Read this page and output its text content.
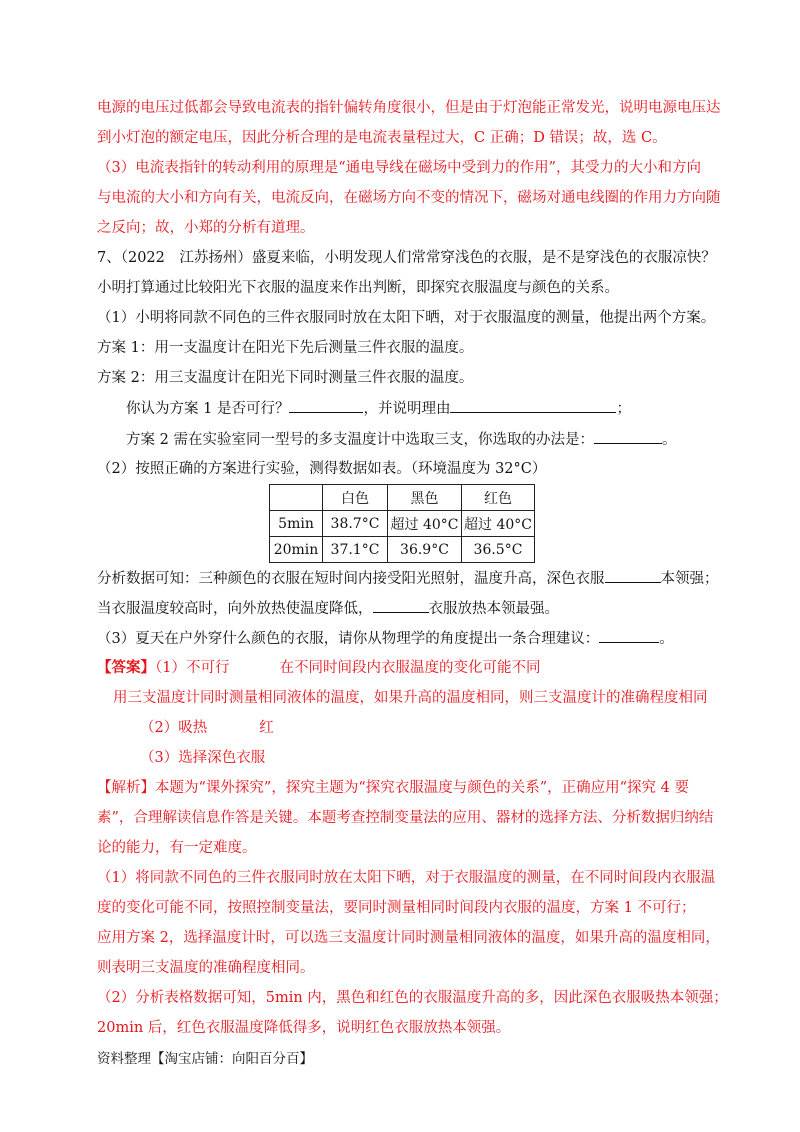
电源的电压过低都会导致电流表的指针偏转角度很小，但是由于灯泡能正常发光，说明电源电压达
到小灯泡的额定电压，因此分析合理的是电流表量程过大，C 正确；D 错误；故，选 C。
（3）电流表指针的转动利用的原理是“通电导线在磁场中受到力的作用”，其受力的大小和方向
与电流的大小和方向有关，电流反向，在磁场方向不变的情况下，磁场对通电线圈的作用力方向随
之反向；故，小郑的分析有道理。
7、（2022　江苏扬州）盛夏来临，小明发现人们常常穿浅色的衣服，是不是穿浅色的衣服凉快？
小明打算通过比较阳光下衣服的温度来作出判断，即探究衣服温度与颜色的关系。
（1）小明将同款不同色的三件衣服同时放在太阳下晒，对于衣服温度的测量，他提出两个方案。
方案 1：用一支温度计在阳光下先后测量三件衣服的温度。
方案 2：用三支温度计在阳光下同时测量三件衣服的温度。
你认为方案 1 是否可行？	，并说明理由	；
方案 2 需在实验室同一型号的多支温度计中选取三支，你选取的办法是：	。
（2）按照正确的方案进行实验，测得数据如表。（环境温度为 32°C）
	白色	黑色	红色
5min	38.7°C	超过 40°C	超过 40°C
20min	37.1°C	36.9°C	36.5°C
分析数据可知：三种颜色的衣服在短时间内接受阳光照射，温度升高，深色衣服	本领强；
当衣服温度较高时，向外放热使温度降低，	衣服放热本领最强。
（3）夏天在户外穿什么颜色的衣服，请你从物理学的角度提出一条合理建议：	。
【答案】（1）不可行	在不同时间段内衣服温度的变化可能不同
用三支温度计同时测量相同液体的温度，如果升高的温度相同，则三支温度计的准确程度相同
（2）吸热	红
（3）选择深色衣服
【解析】本题为“课外探究”，探究主题为“探究衣服温度与颜色的关系”，正确应用“探究 4 要
素”，合理解读信息作答是关键。本题考查控制变量法的应用、器材的选择方法、分析数据归纳结
论的能力，有一定难度。
（1）将同款不同色的三件衣服同时放在太阳下晒，对于衣服温度的测量，在不同时间段内衣服温
度的变化可能不同，按照控制变量法，要同时测量相同时间段内衣服的温度，方案 1 不可行；
应用方案 2，选择温度计时，可以选三支温度计同时测量相同液体的温度，如果升高的温度相同，
则表明三支温度的准确程度相同。
（2）分析表格数据可知，5min 内，黑色和红色的衣服温度升高的多，因此深色衣服吸热本领强；
20min 后，红色衣服温度降低得多，说明红色衣服放热本领强。
资料整理【淘宝店铺：向阳百分百】
